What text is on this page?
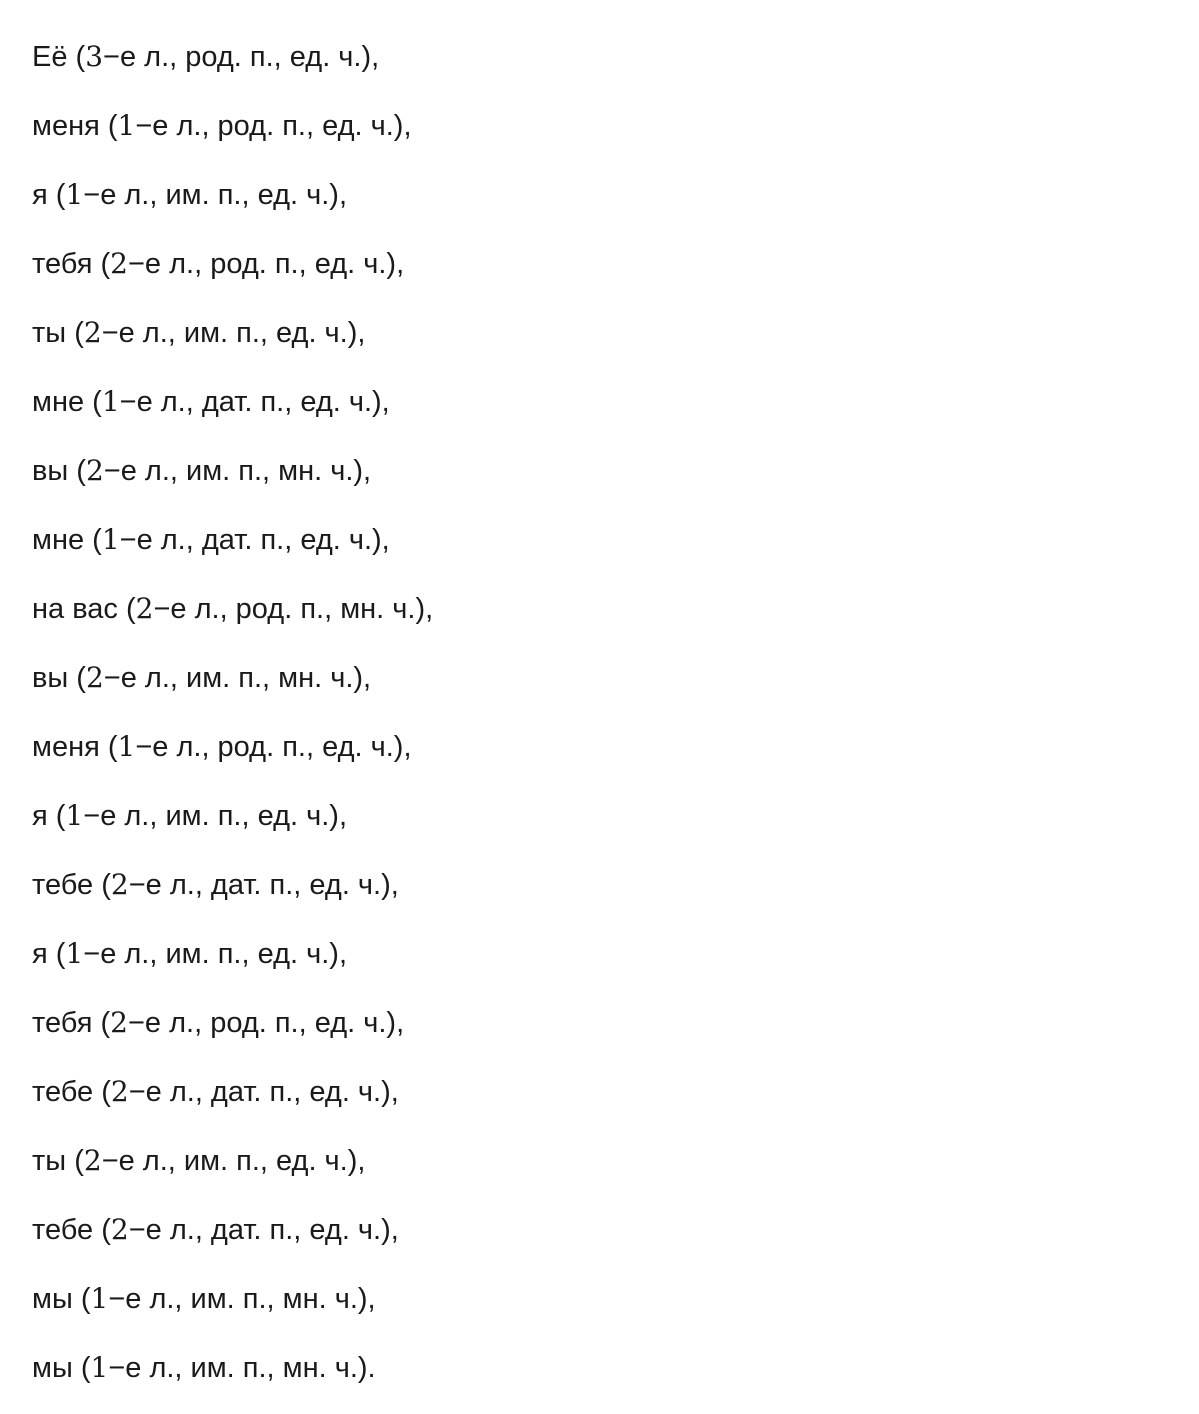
Её (3−е л., род. п., ед. ч.),
меня (1−е л., род. п., ед. ч.),
я (1−е л., им. п., ед. ч.),
тебя (2−е л., род. п., ед. ч.),
ты (2−е л., им. п., ед. ч.),
мне (1−е л., дат. п., ед. ч.),
вы (2−е л., им. п., мн. ч.),
мне (1−е л., дат. п., ед. ч.),
на вас (2−е л., род. п., мн. ч.),
вы (2−е л., им. п., мн. ч.),
меня (1−е л., род. п., ед. ч.),
я (1−е л., им. п., ед. ч.),
тебе (2−е л., дат. п., ед. ч.),
я (1−е л., им. п., ед. ч.),
тебя (2−е л., род. п., ед. ч.),
тебе (2−е л., дат. п., ед. ч.),
ты (2−е л., им. п., ед. ч.),
тебе (2−е л., дат. п., ед. ч.),
мы (1−е л., им. п., мн. ч.),
мы (1−е л., им. п., мн. ч.).
